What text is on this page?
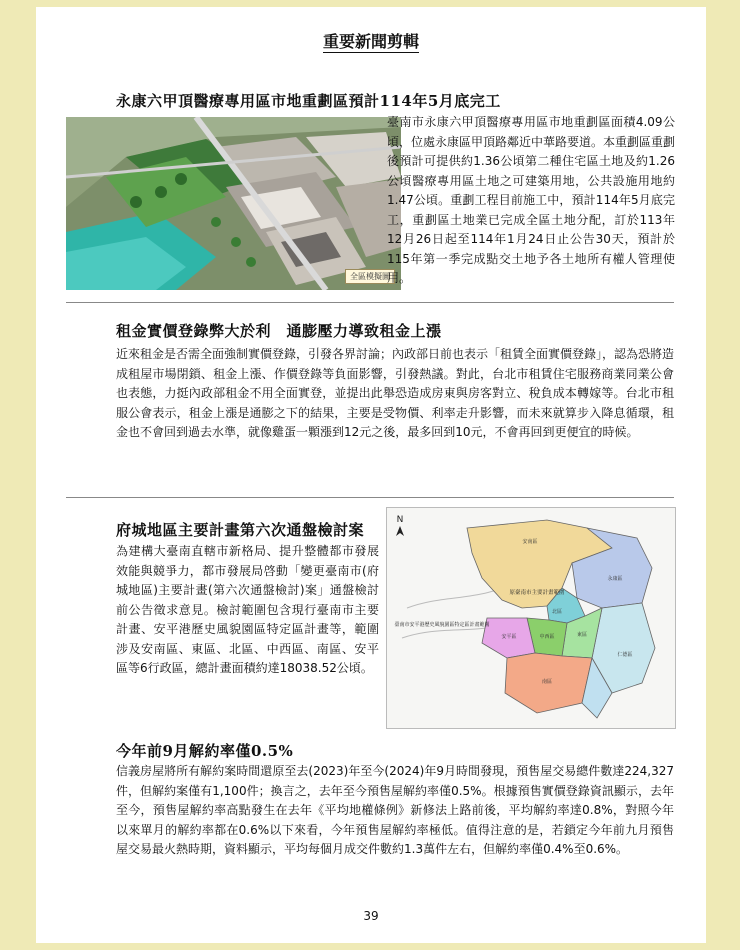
重要新聞剪輯
永康六甲頂醫療專用區市地重劃區預計114年5月底完工
全區模擬圖

臺南市永康六甲頂醫療專用區市地重劃區面積4.09公頃，位處永康區甲頂路鄰近中華路要道。本重劃區重劃後預計可提供約1.36公頃第二種住宅區土地及約1.26公頃醫療專用區土地之可建築用地，公共設施用地約1.47公頃。重劃工程目前施工中，預計114年5月底完工，重劃區土地業已完成全區土地分配，訂於113年12月26日起至114年1月24日止公告30天，預計於115年第一季完成點交土地予各土地所有權人管理使用。

租金實價登錄弊大於利　通膨壓力導致租金上漲

近來租金是否需全面強制實價登錄，引發各界討論；內政部日前也表示「租賃全面實價登錄」，認為恐將造成租屋市場閉鎖、租金上漲、作價登錄等負面影響，引發熱議。對此，台北市租賃住宅服務商業同業公會也表態，力挺內政部租金不用全面實登，並提出此舉恐造成房東與房客對立、稅負成本轉嫁等。台北市租服公會表示，租金上漲是通膨之下的結果，主要是受物價、利率走升影響，而未來就算步入降息循環，租金也不會回到過去水準，就像雞蛋一顆漲到12元之後，最多回到10元，不會再回到更便宜的時候。

府城地區主要計畫第六次通盤檢討案

為建構大臺南直轄市新格局、提升整體都市發展效能與競爭力，都市發展局啓動「變更臺南市(府城地區)主要計畫(第六次通盤檢討)案」通盤檢討前公告徵求意見。檢討範圍包含現行臺南市主要計畫、安平港歷史風貌園區特定區計畫等，範圍涉及安南區、東區、北區、中西區、南區、安平區等6行政區，總計畫面積約達18038.52公頃。

N
安南區
北區
中西區	東區
安平區
南區
永康區
仁德區
原臺南市主要計畫範圍
臺南市安平港歷史風貌園區特定區計畫範圍
今年前9月解約率僅0.5%

信義房屋將所有解約案時間還原至去(2023)年至今(2024)年9月時間發現，預售屋交易總件數達224,327件，但解約案僅有1,100件；換言之，去年至今預售屋解約率僅0.5%。根據預售實價登錄資訊顯示，去年至今，預售屋解約率高點發生在去年《平均地權條例》新修法上路前後，平均解約率達0.8%，對照今年以來單月的解約率都在0.6%以下來看，今年預售屋解約率極低。值得注意的是，若鎖定今年前九月預售屋交易最火熱時期，資料顯示，平均每個月成交件數約1.3萬件左右，但解約率僅0.4%至0.6%。

39
